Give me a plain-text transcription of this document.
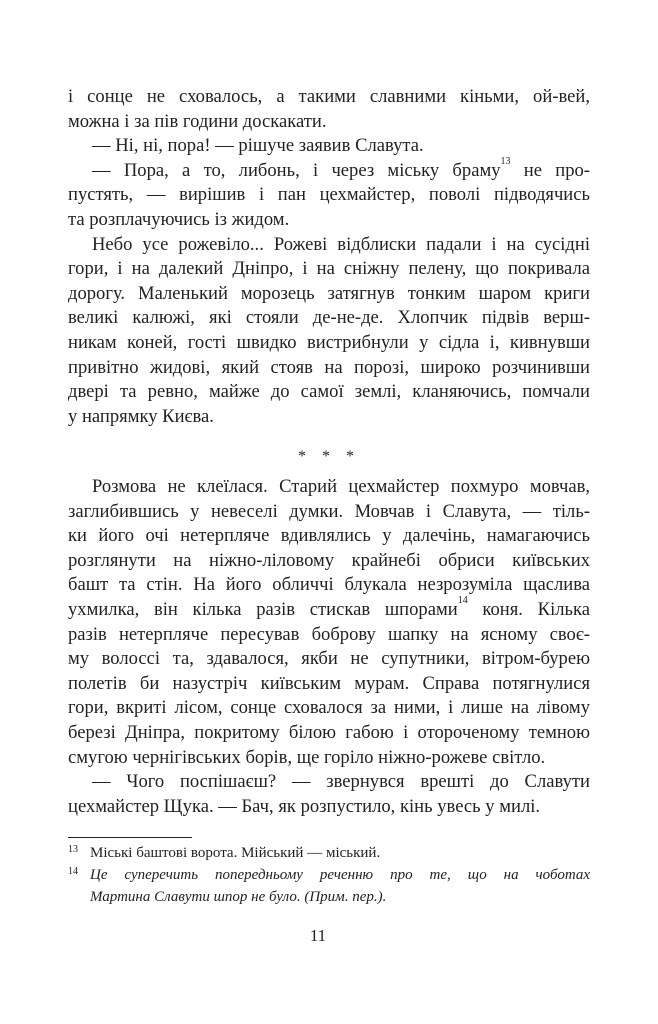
і сонце не сховалось, а такими славними кіньми, ой-вей,
можна і за пів години доскакати.
— Ні, ні, пора! — рішуче заявив Славута.
— Пора, а то, либонь, і через міську браму$^{13}$ не про-
пустять, — вирішив і пан цехмайстер, поволі підводячись
та розплачуючись із жидом.
Небо усе рожевіло... Рожеві відблиски падали і на сусідні
гори, і на далекий Дніпро, і на сніжну пелену, що покривала
дорогу. Маленький морозець затягнув тонким шаром криги
великі калюжі, які стояли де-не-де. Хлопчик підвів верш-
никам коней, гості швидко вистрибнули у сідла і, кивнувши
привітно жидові, який стояв на порозі, широко розчинивши
двері та ревно, майже до самої землі, кланяючись, помчали
у напрямку Києва.
* * *
Розмова не клеїлася. Старий цехмайстер похмуро мовчав,
заглибившись у невеселі думки. Мовчав і Славута, — тіль-
ки його очі нетерпляче вдивлялись у далечінь, намагаючись
розглянути на ніжно-ліловому крайнебі обриси київських
башт та стін. На його обличчі блукала незрозуміла щаслива
ухмилка, він кілька разів стискав шпорами$^{14}$ коня. Кілька
разів нетерпляче пересував боброву шапку на ясному своє-
му волоссі та, здавалося, якби не супутники, вітром-бурею
полетів би назустріч київським мурам. Справа потягнулися
гори, вкриті лісом, сонце сховалося за ними, і лише на лівому
березі Дніпра, покритому білою габою і отороченому темною
смугою чернігівських борів, ще горіло ніжно-рожеве світло.
— Чого поспішаєш? — звернувся врешті до Славути
цехмайстер Щука. — Бач, як розпустило, кінь увесь у милі.
13 Міські баштові ворота. Мійський — міський.
14 Це суперечить попередньому реченню про те, що на чоботах
Мартина Славути шпор не було. (Прим. пер.).
11
